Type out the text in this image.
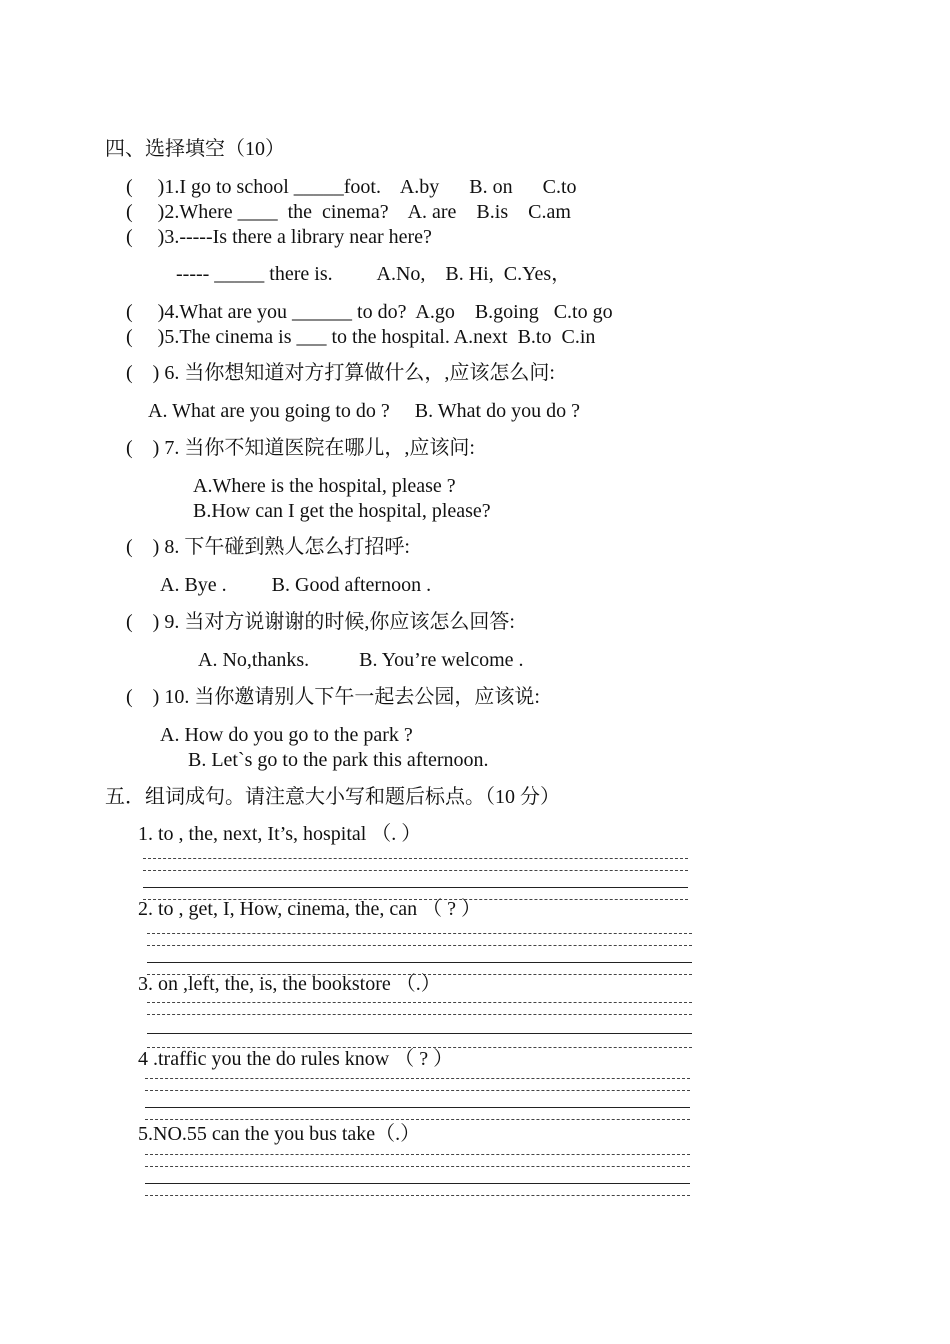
四、选择填空（10）
(     )1.I go to school _____foot.    A.by      B. on      C.to
(     )2.Where ____  the  cinema?    A. are    B.is    C.am
(     )3.-----Is there a library near here?
----- _____ there is.         A.No,    B. Hi,  C.Yes，
(     )4.What are you ______ to do?  A.go    B.going   C.to go
(     )5.The cinema is ___ to the hospital. A.next  B.to  C.in
(    ) 6. 当你想知道对方打算做什么，,应该怎么问:
A. What are you going to do ?     B. What do you do ?
(    ) 7. 当你不知道医院在哪儿，,应该问:
A.Where is the hospital, please ?
B.How can I get the hospital, please?
(    ) 8. 下午碰到熟人怎么打招呼:
A. Bye .         B. Good afternoon .
(    ) 9. 当对方说谢谢的时候,你应该怎么回答:
A. No,thanks.          B. You’re welcome .
(    ) 10. 当你邀请别人下午一起去公园，应该说:
A. How do you go to the park ?
B. Let`s go to the park this afternoon.
五．组词成句。请注意大小写和题后标点。（10 分）
1. to , the, next, It’s, hospital （. ）
2. to , get, I, How, cinema, the, can （ ? ）
3. on ,left, the, is, the bookstore （.）
4 .traffic you the do rules know （ ? ）
5.NO.55 can the you bus take（.）
